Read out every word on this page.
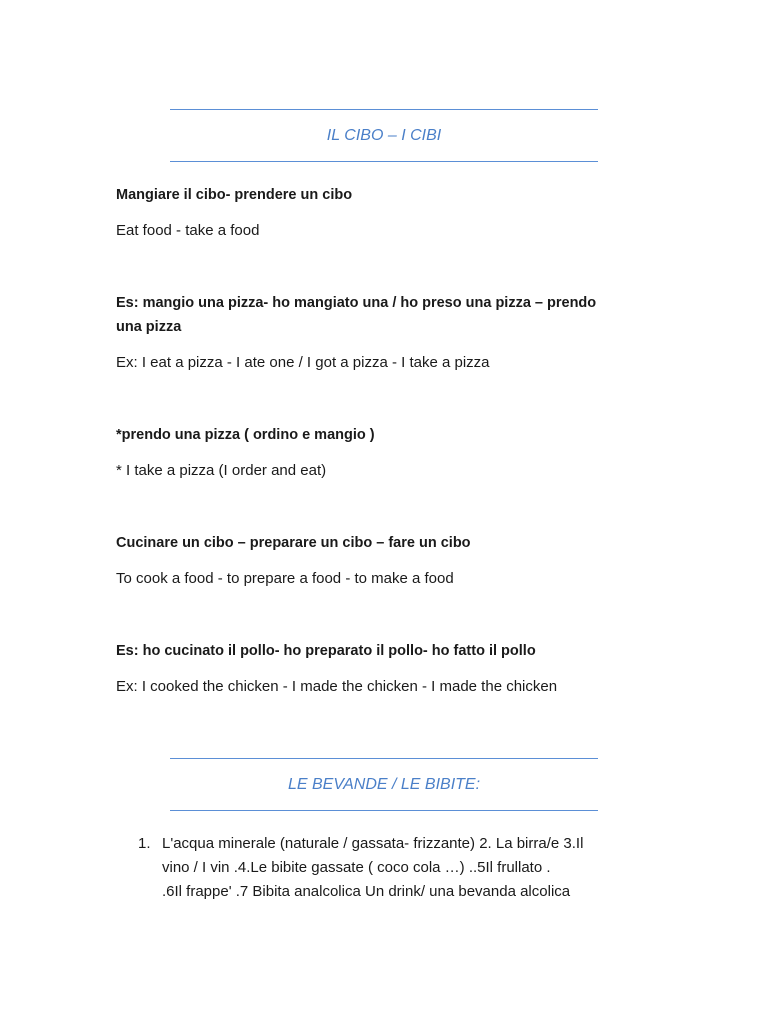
IL CIBO – I CIBI
Mangiare il cibo- prendere un cibo
Eat food - take a food
Es: mangio una pizza- ho mangiato una / ho preso una pizza – prendo
una pizza
Ex: I eat a pizza - I ate one / I got a pizza - I take a pizza
*prendo una pizza ( ordino e mangio )
* I take a pizza (I order and eat)
Cucinare un cibo – preparare un cibo – fare un cibo
To cook a food - to prepare a food - to make a food
Es: ho cucinato il pollo- ho preparato il pollo- ho fatto il pollo
Ex: I cooked the chicken - I made the chicken - I made the chicken
LE BEVANDE / LE BIBITE:
1. L'acqua minerale (naturale / gassata- frizzante) 2. La birra/e 3.Il
vino / I vin .4.Le bibite gassate ( coco cola …) ..5Il frullato .
.6Il frappe' .7 Bibita analcolica Un drink/ una bevanda alcolica
